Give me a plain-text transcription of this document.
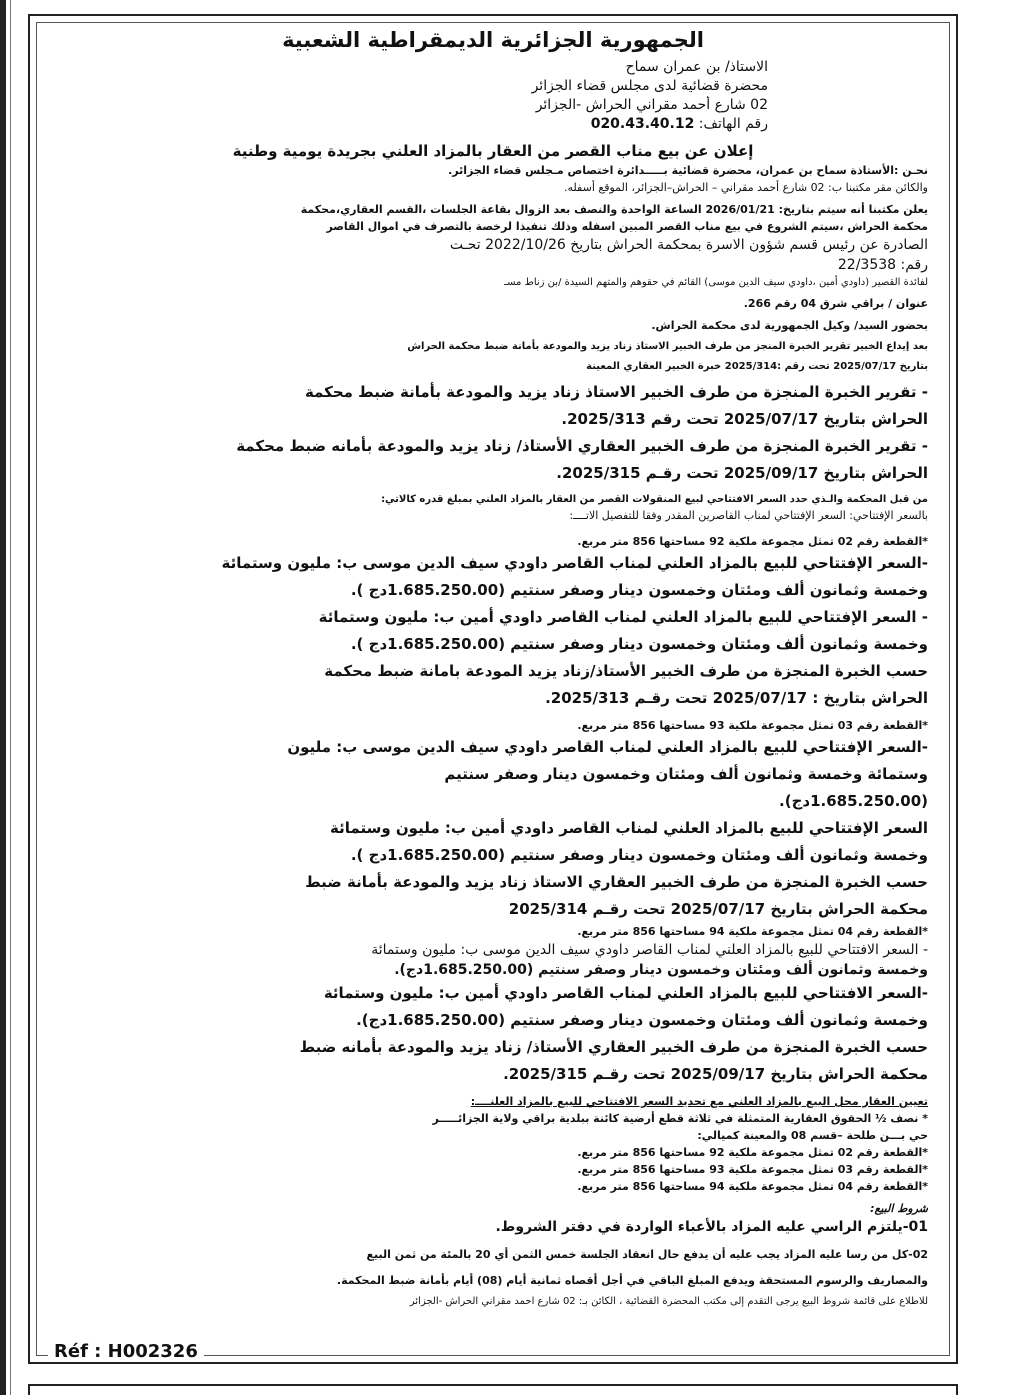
الجمهورية الجزائرية الديمقراطية الشعبية
الاستاذ/ بن عمران سماح
محضرة قضائية لدى مجلس قضاء الجزائر
02 شارع أحمد مقراني الحراش -الجزائر
رقم الهاتف: 020.43.40.12
إعلان عن بيع مناب القصر من العقار بالمزاد العلني بجريدة يومية وطنية
نحـن :الأستاذة سماح بن عمران، محضرة قضائية بـــــدائرة اختصاص مـجلس قضاء الجزائر.
والكائن مقر مكتبنا ب: 02 شارع أحمد مقراني – الحراش–الجزائر، الموقع أسفله.
يعلن مكتبنا أنه سيتم بتاريخ: 2026/01/21 الساعة الواحدة والنصف بعد الزوال بقاعة الجلسات ،القسم العقاري،محكمة
محكمة الحراش ،سيتم الشروع في بيع مناب القصر المبين اسفله وذلك تنفيذا لرخصة بالتصرف في اموال القاصر
الصادرة عن رئيس قسم شؤون الاسرة بمحكمة الحراش بتاريخ 2022/10/26 تحـت
رقم: 22/3538
لفائدة القصير (داودي أمين ،داودي سيف الدين موسى) القائم في حقوهم والمتهم السيدة /بن زناط مسـ
عنوان / براقي شرق 04 رقم 266.
بحضور السيد/ وكيل الجمهورية لدى محكمة الحراش.
بعد إيداع الخبير تقرير الخبرة المنجز من طرف الخبير الاستاذ زناد يزيد والمودعة بأمانة ضبط محكمة الحراش
بتاريخ 2025/07/17 تحت رقم :2025/314 خبرة الخبير العقاري المعينة
- تقرير الخبرة المنجزة من طرف الخبير الاستاذ زناد يزيد والمودعة بأمانة ضبط محكمة
الحراش بتاريخ 2025/07/17 تحت رقم 2025/313.
- تقرير الخبرة المنجزة من طرف الخبير العقاري الأستاذ/ زناد يزيد والمودعة بأمانه ضبط محكمة
الحراش بتاريخ 2025/09/17 تحت رقـم 2025/315.
من قبل المحكمة والـذي حدد السعر الافتتاحي لبيع المنقولات القصر من العقار بالمزاد العلني بمبلغ قدره كالاتي:
بالسعر الإفتتاحي: السعر الإفتتاحي لمناب القاصرين المقدر وفقا للتفصيل الاتــــ:
*القطعة رقم 02 تمثل مجموعة ملكية 92 مساحتها 856 متر مربع.
-السعر الإفتتاحي للبيع بالمزاد العلني لمناب القاصر داودي سيف الدين موسى ب: مليون وستمائة
وخمسة وثمانون ألف ومئتان وخمسون دينار وصفر سنتيم (1.685.250.00دج ).
- السعر الإفتتاحي للبيع بالمزاد العلني لمناب القاصر داودي أمين ب: مليون وستمائة
وخمسة وثمانون ألف ومئتان وخمسون دينار وصفر سنتيم (1.685.250.00دج ).
حسب الخبرة المنجزة من طرف الخبير الأستاذ/زناد يزيد المودعة بامانة ضبط محكمة
الحراش بتاريخ : 2025/07/17 تحت رقـم 2025/313.
*القطعة رقم 03 تمثل مجموعة ملكية 93 مساحتها 856 متر مربع.
-السعر الإفتتاحي للبيع بالمزاد العلني لمناب القاصر داودي سيف الدين موسى ب: مليون
وستمائة وخمسة وثمانون ألف ومئتان وخمسون دينار وصفر سنتيم
(1.685.250.00دج).
السعر الإفتتاحي للبيع بالمزاد العلني لمناب القاصر داودي أمين ب: مليون وستمائة
وخمسة وثمانون ألف ومئتان وخمسون دينار وصفر سنتيم (1.685.250.00دج ).
حسب الخبرة المنجزة من طرف الخبير العقاري الاستاذ زناد يزيد والمودعة بأمانة ضبط
محكمة الحراش بتاريخ 2025/07/17 تحت رقـم 2025/314
*القطعة رقم 04 تمثل مجموعة ملكية 94 مساحتها 856 متر مربع.
- السعر الافتتاحي للبيع بالمزاد العلني لمناب القاصر داودي سيف الدين موسى ب: مليون وستمائة
وخمسة وثمانون ألف ومئتان وخمسون دينار وصفر سنتيم (1.685.250.00دج).
-السعر الافتتاحي للبيع بالمزاد العلني لمناب القاصر داودي أمين ب: مليون وستمائة
وخمسة وثمانون ألف ومئتان وخمسون دينار وصفر سنتيم (1.685.250.00دج).
حسب الخبرة المنجزة من طرف الخبير العقاري الأستاذ/ زناد يزيد والمودعة بأمانه ضبط
محكمة الحراش بتاريخ 2025/09/17 تحت رقـم 2025/315.
تعيين العقار محل البيع بالمزاد العلني مع تحديد السعر الافتتاحي للبيع بالمزاد العلنــــ:
* نصف ½ الحقوق العقارية المتمثلة في ثلاثة قطع أرضية كائنة ببلدية براقي ولاية الجزائـــــر
حي بـــن طلحة –قسم 08 والمعينة كميالي:
*القطعة رقم 02 تمثل مجموعة ملكية 92 مساحتها 856 متر مربع.
*القطعة رقم 03 تمثل مجموعة ملكية 93 مساحتها 856 متر مربع.
*القطعة رقم 04 تمثل مجموعة ملكية 94 مساحتها 856 متر مربع.
شروط البيع:
01-يلتزم الراسي عليه المزاد بالأعباء الواردة في دفتر الشروط.
02-كل من رسا عليه المزاد يجب عليه أن يدفع حال انعقاد الجلسة خمس الثمن أي 20 بالمئة من ثمن البيع
والمصاريف والرسوم المستحقة ويدفع المبلغ الباقي في أجل أقصاه ثمانية أيام (08) أيام بأمانة ضبط المحكمة.
للاطلاع على قائمة شروط البيع يرجى التقدم إلى مكتب المحضرة القضائية ، الكائن بـ: 02 شارع احمد مقراني الحراش -الجزائر
Réf : H002326
